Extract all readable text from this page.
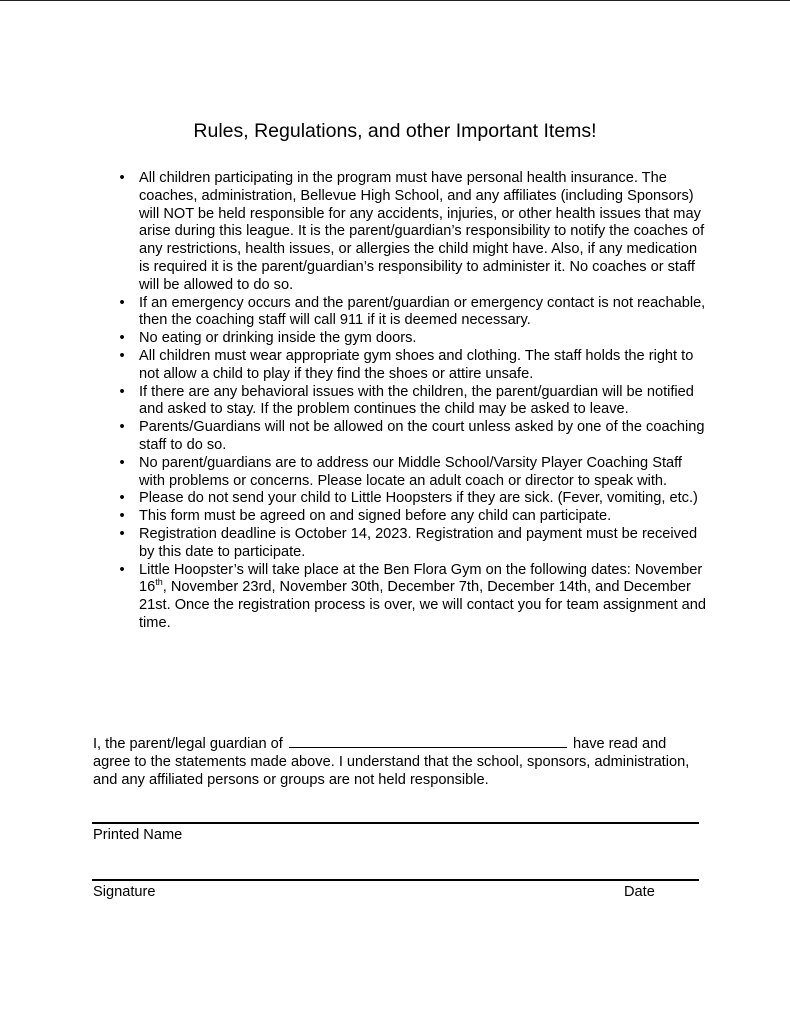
Rules, Regulations, and other Important Items!
• All children participating in the program must have personal health insurance. The coaches, administration, Bellevue High School, and any affiliates (including Sponsors) will NOT be held responsible for any accidents, injuries, or other health issues that may arise during this league. It is the parent/guardian’s responsibility to notify the coaches of any restrictions, health issues, or allergies the child might have. Also, if any medication is required it is the parent/guardian’s responsibility to administer it. No coaches or staff will be allowed to do so.
• If an emergency occurs and the parent/guardian or emergency contact is not reachable, then the coaching staff will call 911 if it is deemed necessary.
• No eating or drinking inside the gym doors.
• All children must wear appropriate gym shoes and clothing. The staff holds the right to not allow a child to play if they find the shoes or attire unsafe.
• If there are any behavioral issues with the children, the parent/guardian will be notified and asked to stay. If the problem continues the child may be asked to leave.
• Parents/Guardians will not be allowed on the court unless asked by one of the coaching staff to do so.
• No parent/guardians are to address our Middle School/Varsity Player Coaching Staff with problems or concerns. Please locate an adult coach or director to speak with.
• Please do not send your child to Little Hoopsters if they are sick. (Fever, vomiting, etc.)
• This form must be agreed on and signed before any child can participate.
• Registration deadline is October 14, 2023. Registration and payment must be received by this date to participate.
• Little Hoopster’s will take place at the Ben Flora Gym on the following dates: November 16th, November 23rd, November 30th, December 7th, December 14th, and December 21st. Once the registration process is over, we will contact you for team assignment and time.
I, the parent/legal guardian of	have read and agree to the statements made above. I understand that the school, sponsors, administration, and any affiliated persons or groups are not held responsible.
Printed Name
Signature	Date
